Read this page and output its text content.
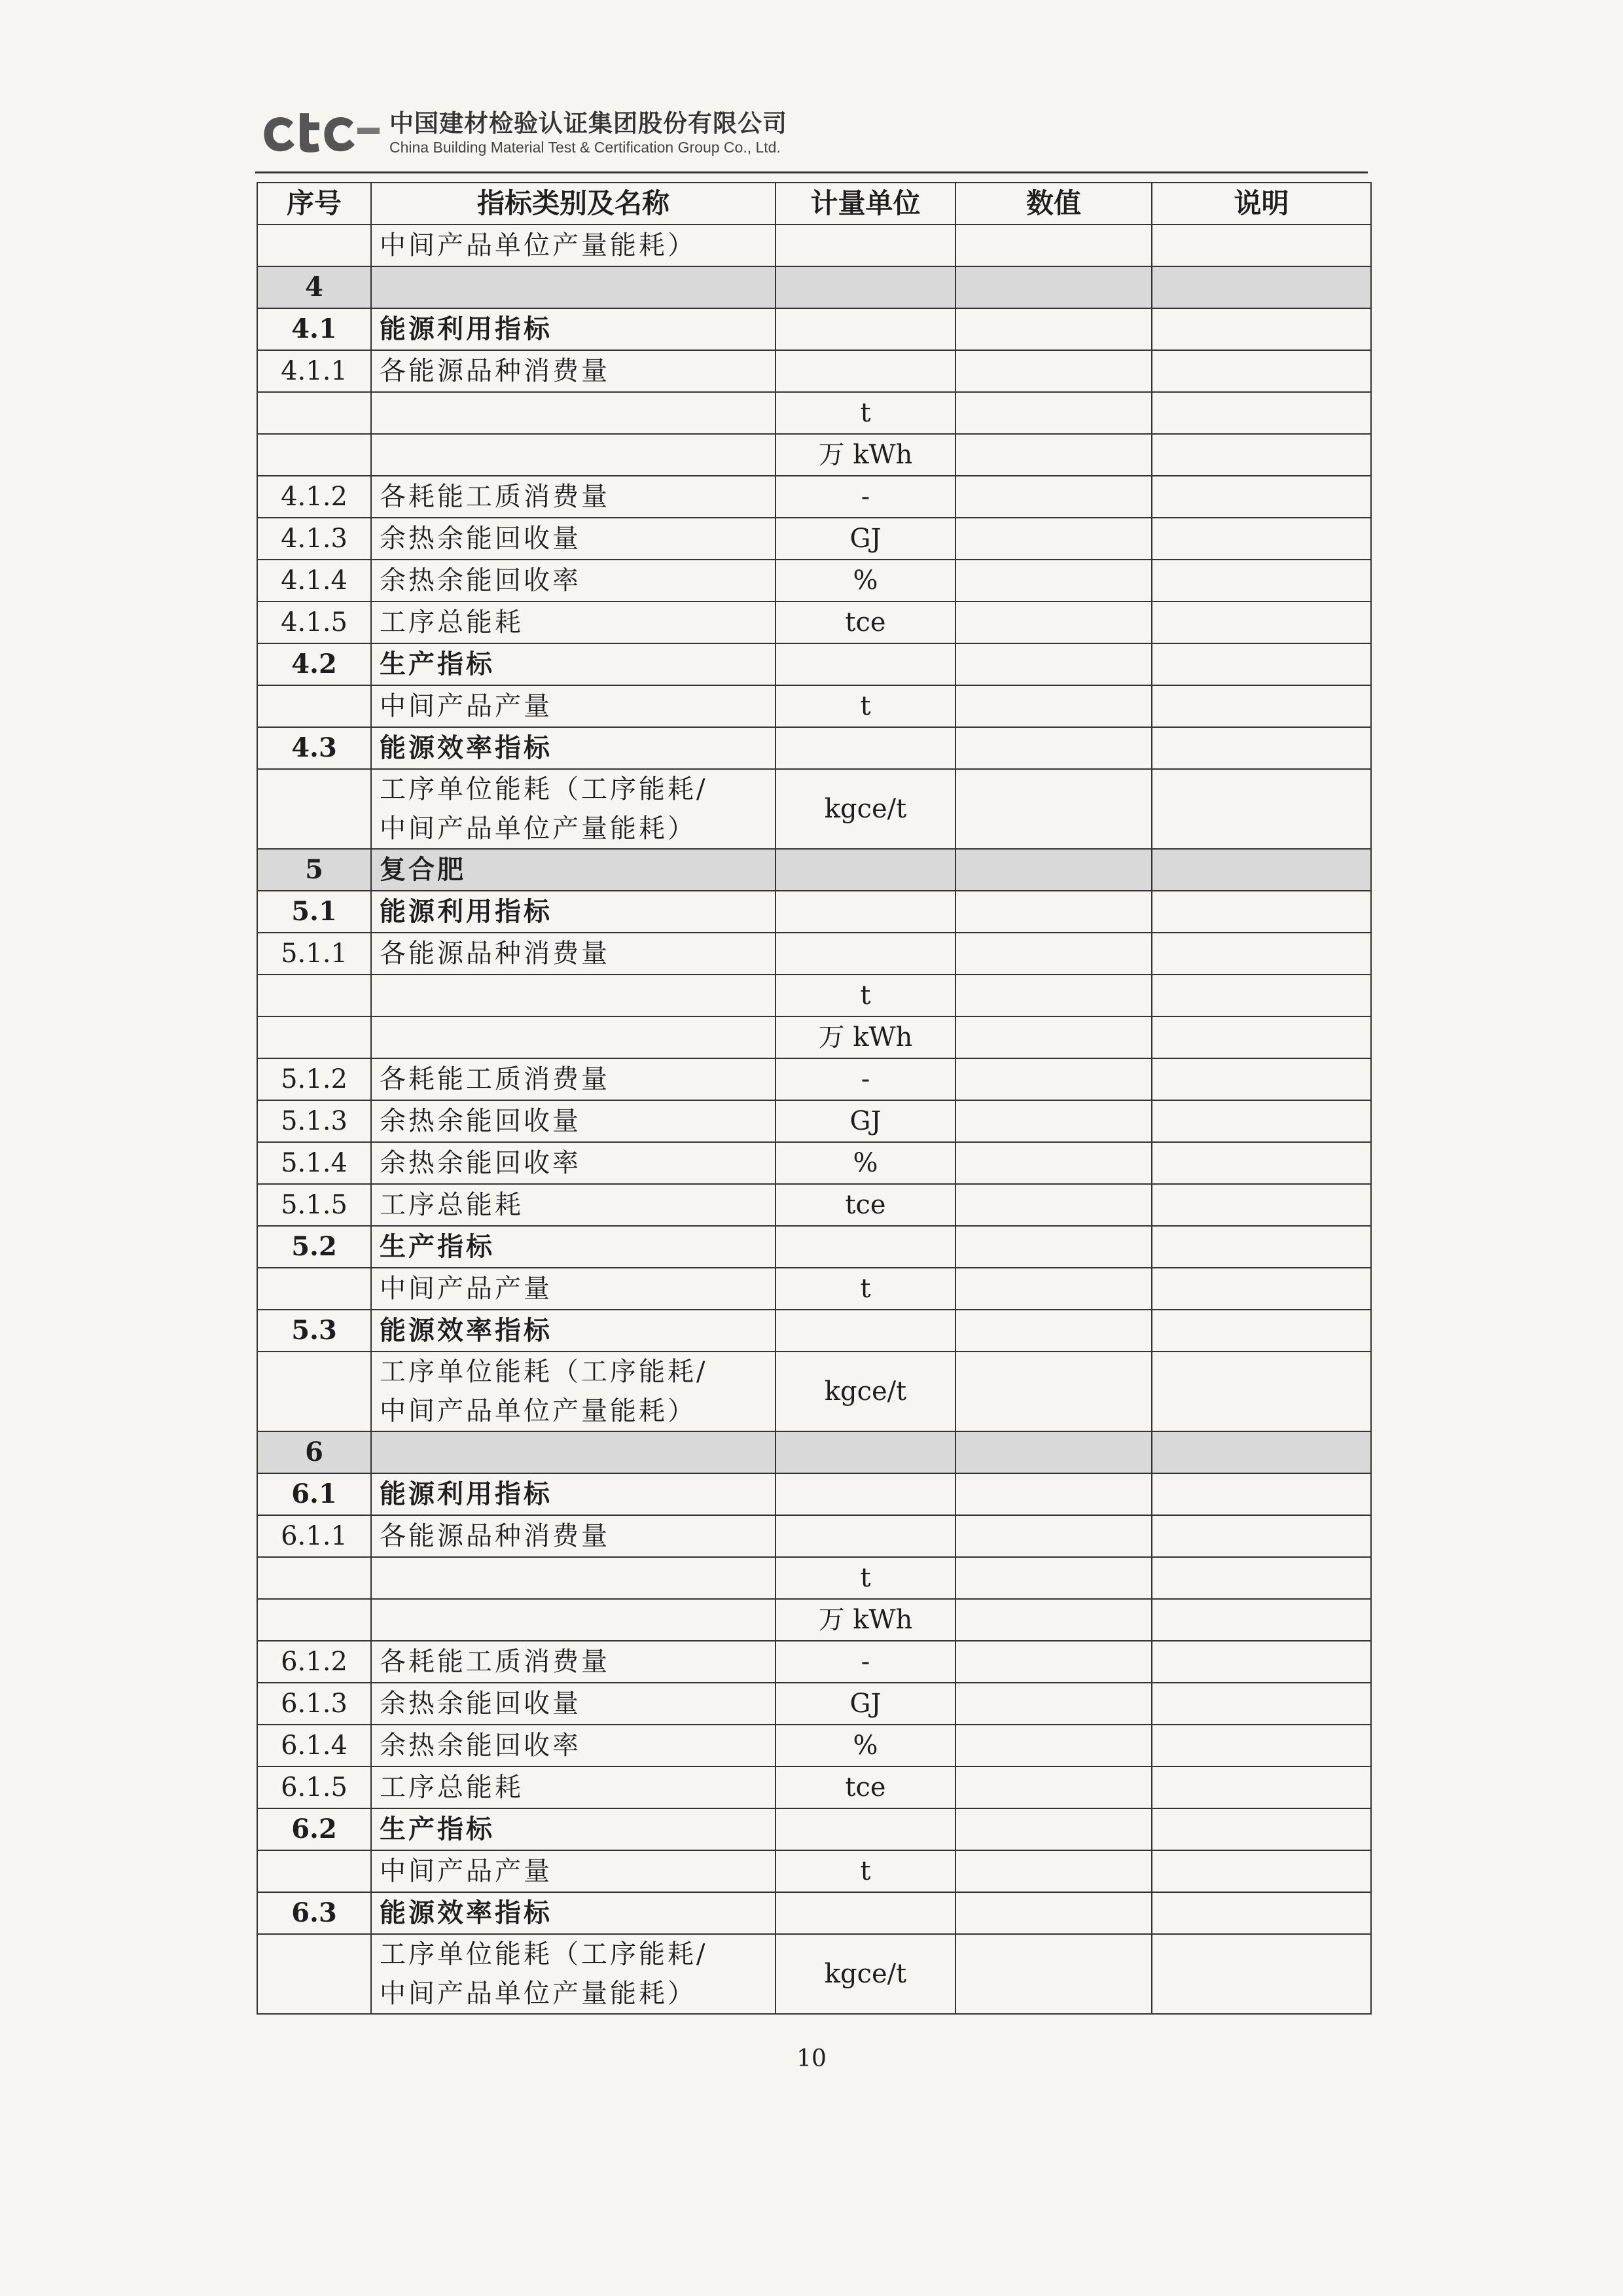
中国建材检验认证集团股份有限公司
China Building Material Test & Certification Group Co., Ltd.
序号	指标类别及名称	计量单位	数值	说明
	中间产品单位产量能耗）			
4				
4.1	能源利用指标			
4.1.1	各能源品种消费量			
		t		
		万 kWh		
4.1.2	各耗能工质消费量	-		
4.1.3	余热余能回收量	GJ		
4.1.4	余热余能回收率	%		
4.1.5	工序总能耗	tce		
4.2	生产指标			
	中间产品产量	t		
4.3	能源效率指标			

	工序单位能耗（工序能耗/
中间产品单位产量能耗）	kgce/t		
5	复合肥			
5.1	能源利用指标			
5.1.1	各能源品种消费量			
		t		
		万 kWh		
5.1.2	各耗能工质消费量	-		
5.1.3	余热余能回收量	GJ		
5.1.4	余热余能回收率	%		
5.1.5	工序总能耗	tce		
5.2	生产指标			
	中间产品产量	t		
5.3	能源效率指标			

	工序单位能耗（工序能耗/
中间产品单位产量能耗）	kgce/t		
6				
6.1	能源利用指标			
6.1.1	各能源品种消费量			
		t		
		万 kWh		
6.1.2	各耗能工质消费量	-		
6.1.3	余热余能回收量	GJ		
6.1.4	余热余能回收率	%		
6.1.5	工序总能耗	tce		
6.2	生产指标			
	中间产品产量	t		
6.3	能源效率指标			

	工序单位能耗（工序能耗/
中间产品单位产量能耗）	kgce/t		
10
